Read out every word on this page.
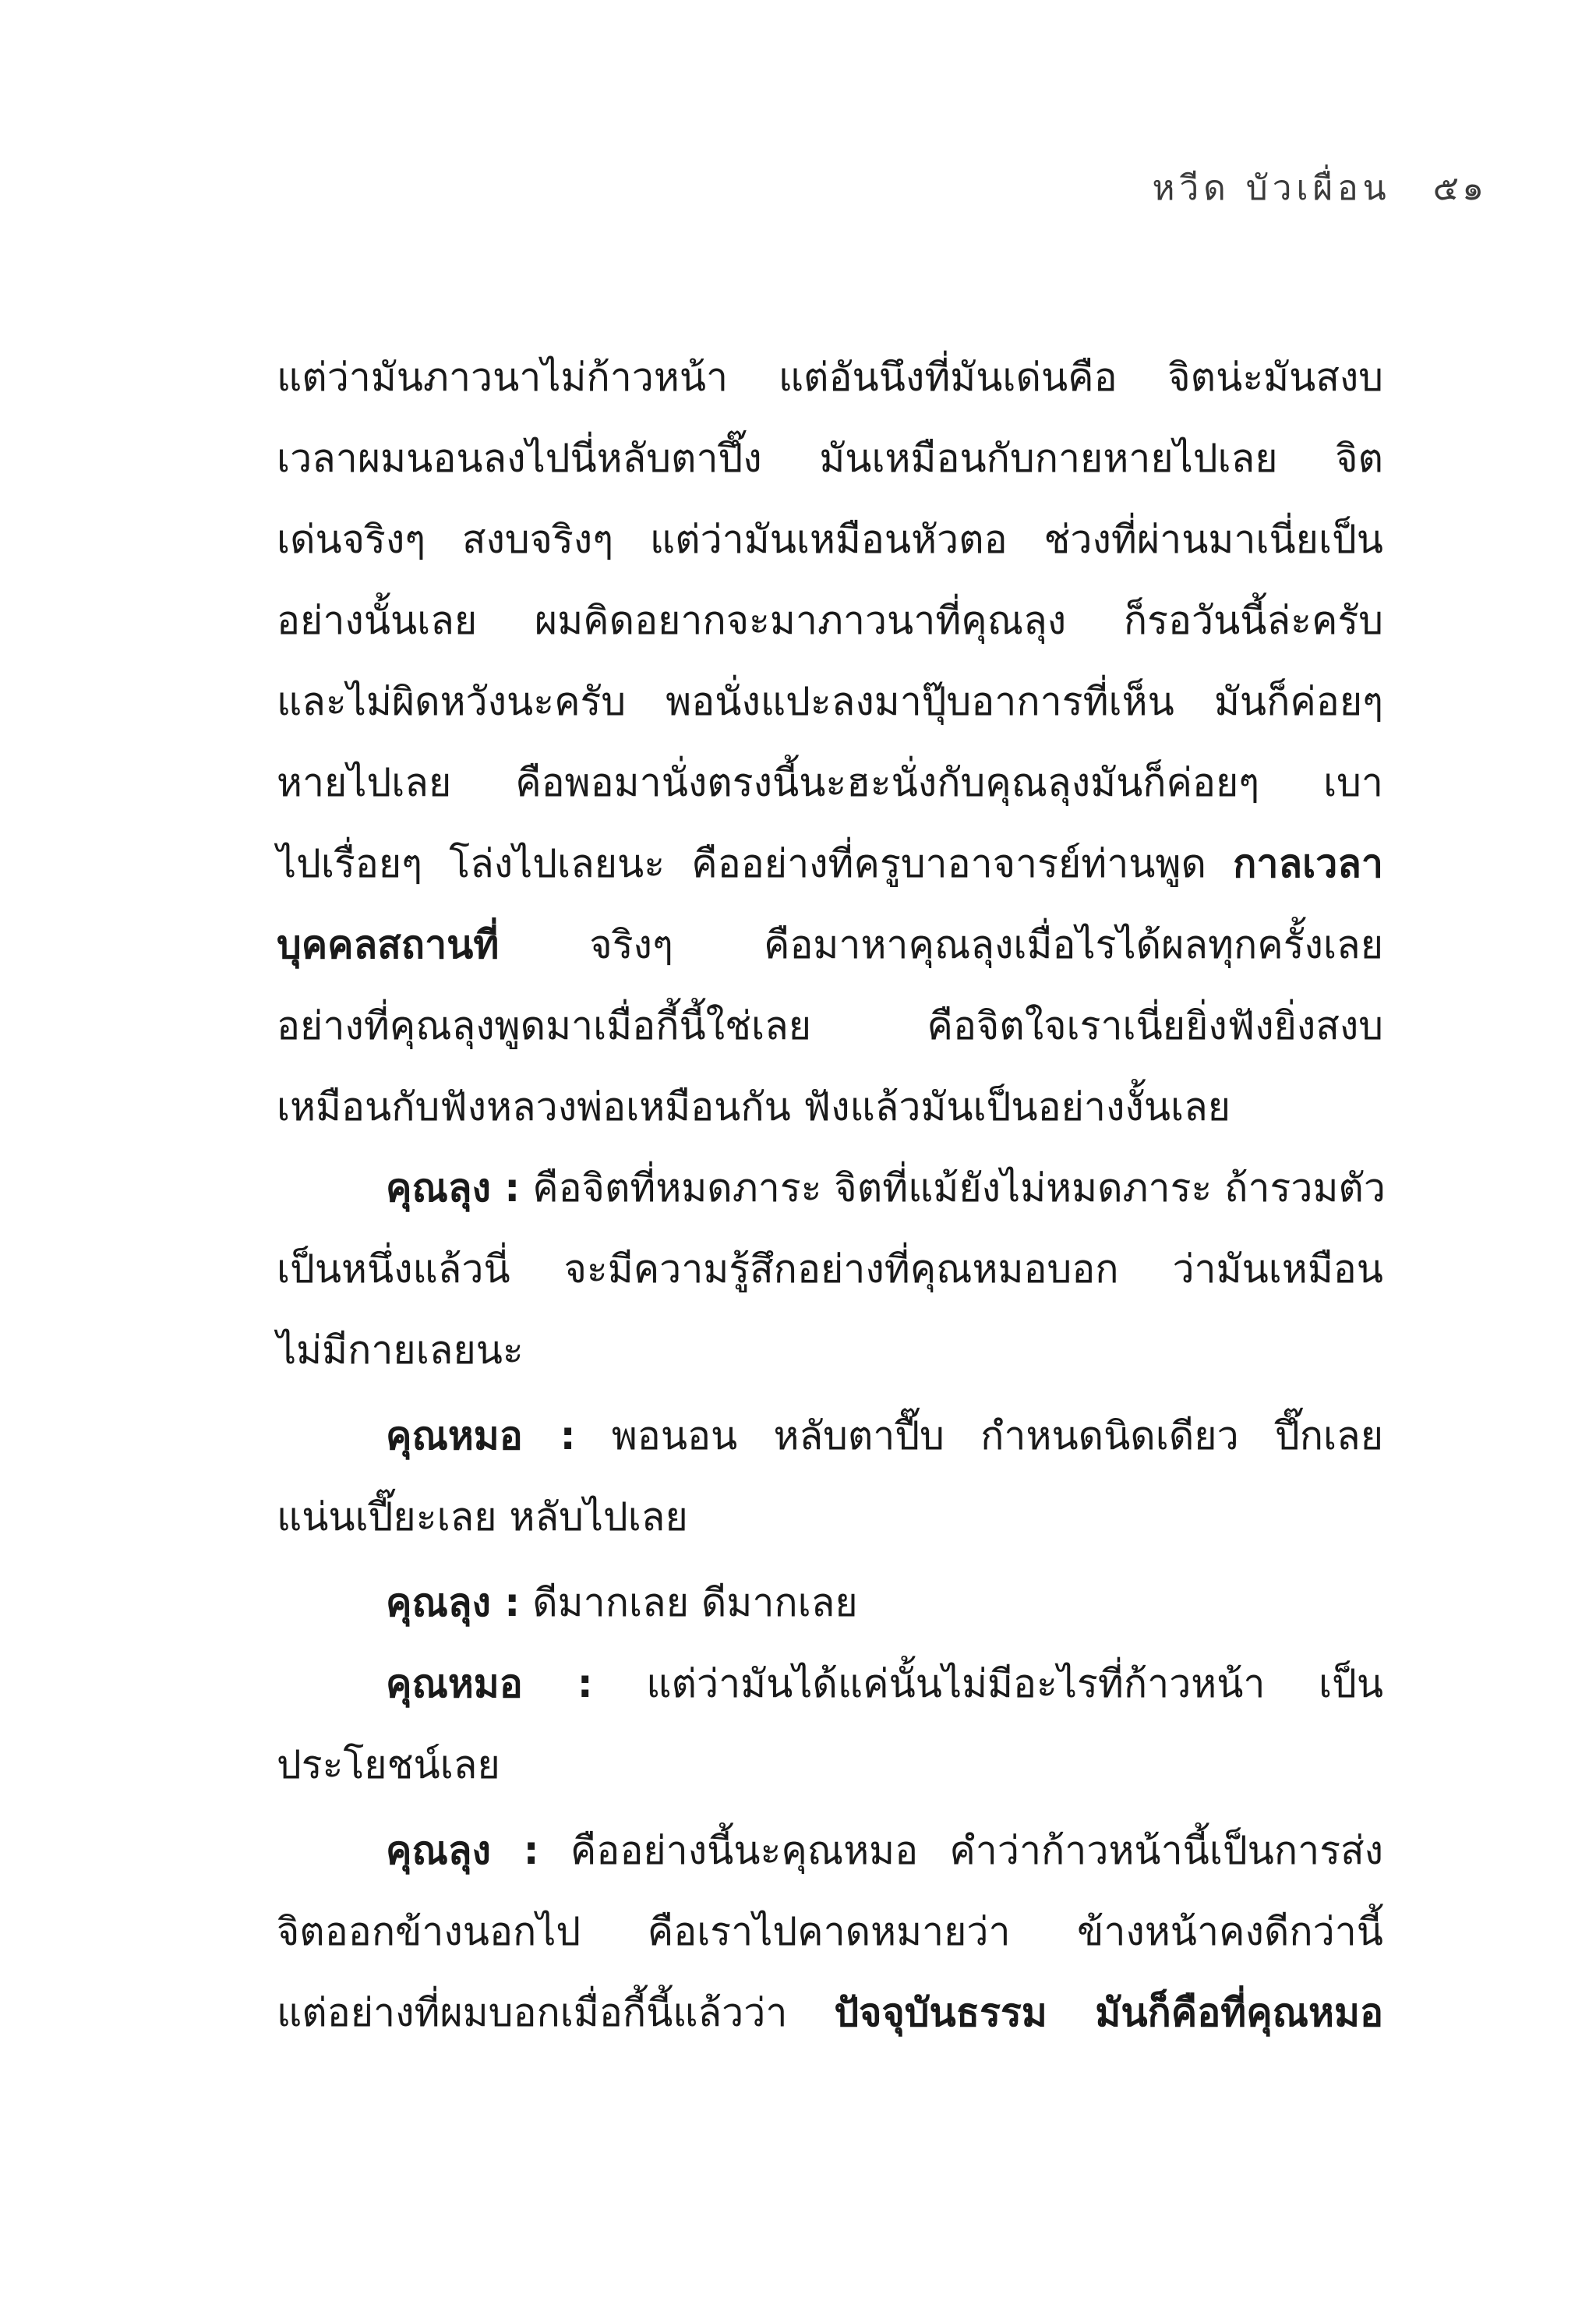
หวีด บัวเผื่อน ๕๑
แต่ว่ามันภาวนาไม่ก้าวหน้า แต่อันนึงที่มันเด่นคือ จิตน่ะมันสงบ
เวลาผมนอนลงไปนี่หลับตาปึ๊ง มันเหมือนกับกายหายไปเลย จิต
เด่นจริงๆ สงบจริงๆ แต่ว่ามันเหมือนหัวตอ ช่วงที่ผ่านมาเนี่ยเป็น
อย่างนั้นเลย ผมคิดอยากจะมาภาวนาที่คุณลุง ก็รอวันนี้ล่ะครับ
และไม่ผิดหวังนะครับ พอนั่งแปะลงมาปุ๊บอาการที่เห็น มันก็ค่อยๆ
หายไปเลย คือพอมานั่งตรงนี้นะฮะนั่งกับคุณลุงมันก็ค่อยๆ เบา
ไปเรื่อยๆ โล่งไปเลยนะ คืออย่างที่ครูบาอาจารย์ท่านพูด กาลเวลา
บุคคลสถานที่ จริงๆ คือมาหาคุณลุงเมื่อไรได้ผลทุกครั้งเลย
อย่างที่คุณลุงพูดมาเมื่อกี้นี้ใช่เลย คือจิตใจเราเนี่ยยิ่งฟังยิ่งสงบ
เหมือนกับฟังหลวงพ่อเหมือนกัน ฟังแล้วมันเป็นอย่างงั้นเลย
คุณลุง : คือจิตที่หมดภาระ จิตที่แม้ยังไม่หมดภาระ ถ้ารวมตัว
เป็นหนึ่งแล้วนี่ จะมีความรู้สึกอย่างที่คุณหมอบอก ว่ามันเหมือน
ไม่มีกายเลยนะ
คุณหมอ : พอนอน หลับตาปื๊บ กำหนดนิดเดียว ปึ๊กเลย
แน่นเปี๊ยะเลย หลับไปเลย
คุณลุง : ดีมากเลย ดีมากเลย
คุณหมอ : แต่ว่ามันได้แค่นั้นไม่มีอะไรที่ก้าวหน้า เป็น
ประโยชน์เลย
คุณลุง : คืออย่างนี้นะคุณหมอ คำว่าก้าวหน้านี้เป็นการส่ง
จิตออกข้างนอกไป คือเราไปคาดหมายว่า ข้างหน้าคงดีกว่านี้
แต่อย่างที่ผมบอกเมื่อกี้นี้แล้วว่า ปัจจุบันธรรม มันก็คือที่คุณหมอ
